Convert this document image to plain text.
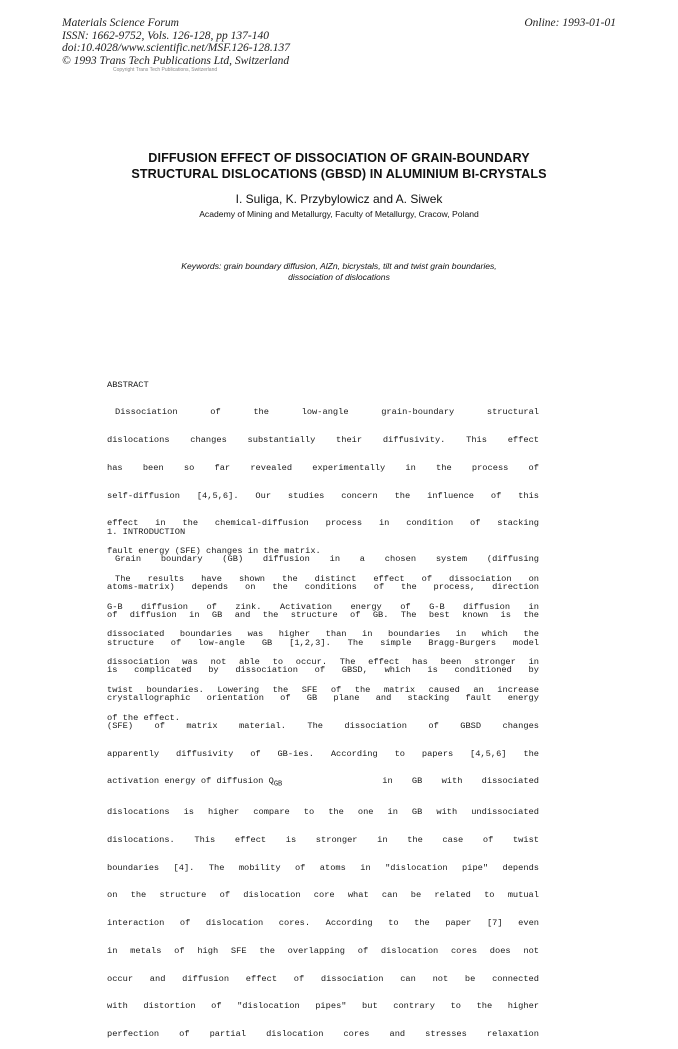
Materials Science Forum
ISSN: 1662-9752, Vols. 126-128, pp 137-140
doi:10.4028/www.scientific.net/MSF.126-128.137
© 1993 Trans Tech Publications Ltd, Switzerland
Online: 1993-01-01
Copyright Trans Tech Publications, Switzerland
DIFFUSION EFFECT OF DISSOCIATION OF GRAIN-BOUNDARY
STRUCTURAL DISLOCATIONS (GBSD) IN ALUMINIUM BI-CRYSTALS
I. Suliga, K. Przybylowicz and A. Siwek
Academy of Mining and Metallurgy, Faculty of Metallurgy, Cracow, Poland
Keywords: grain boundary diffusion, AlZn, bicrystals, tilt and twist grain boundaries,
dissociation of dislocations

ABSTRACT

Dissociation of the low-angle grain-boundary structural

dislocations changes substantially their diffusivity. This effect

has been so far revealed experimentally in the process of

self-diffusion [4,5,6]. Our studies concern the influence of this

effect in the chemical-diffusion process in condition of stacking

fault energy (SFE) changes in the matrix.

The results have shown the distinct effect of dissociation on

G-B diffusion of zink. Activation energy of G-B diffusion in

dissociated boundaries was higher than in boundaries in which the

dissociation was not able to occur. The effect has been stronger in

twist boundaries. Lowering the SFE of the matrix caused an increase

of the effect.

1. INTRODUCTION

Grain boundary (GB) diffusion in a chosen system (diffusing

atoms-matrix) depends on the conditions of the process, direction

of diffusion in GB and the structure of GB. The best known is the

structure of low-angle GB [1,2,3]. The simple Bragg-Burgers model

is complicated by dissociation of GBSD, which is conditioned by

crystallographic orientation of GB plane and stacking fault energy

(SFE) of matrix material. The dissociation of GBSD changes

apparently diffusivity of GB-ies. According to papers [4,5,6] the

activation energy of diffusion $Q_{GB}$	in GB with dissociated

dislocations is higher compare to the one in GB with undissociated

dislocations. This effect is stronger in the case of twist

boundaries [4]. The mobility of atoms in "dislocation pipe" depends

on the structure of dislocation core what can be related to mutual

interaction of dislocation cores. According to the paper [7] even

in metals of high SFE the overlapping of dislocation cores does not

occur and diffusion effect of dissociation can not be connected

with distortion of "dislocation pipes" but contrary to the higher

perfection of partial dislocation cores and stresses relaxation
